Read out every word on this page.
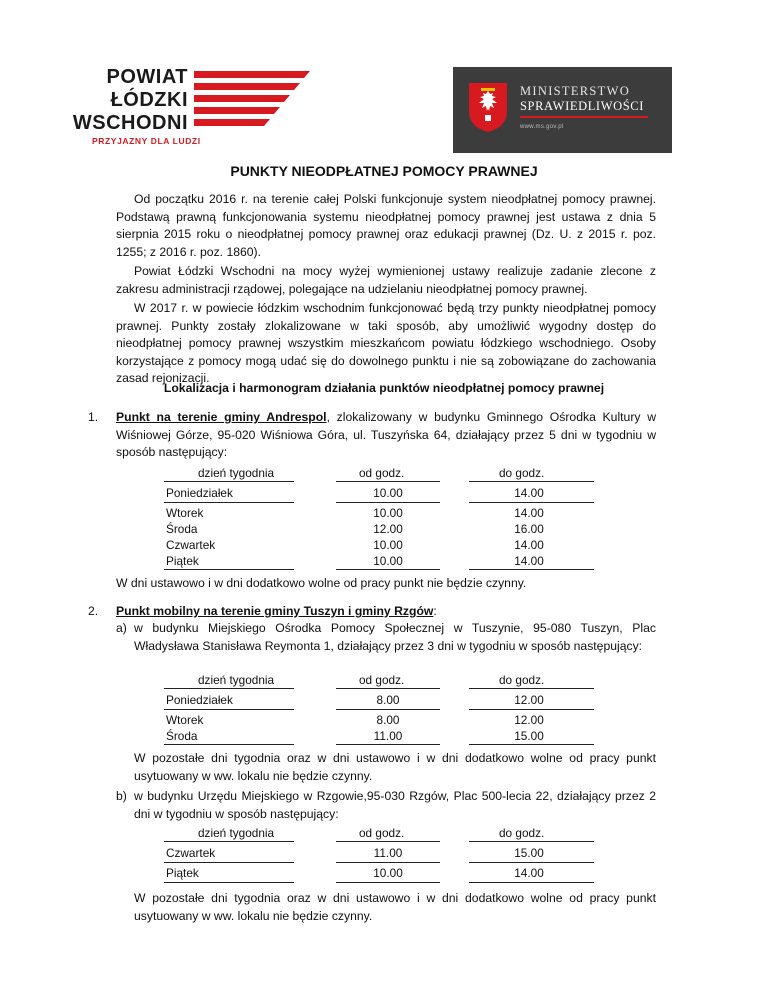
POWIAT
ŁÓDZKI
WSCHODNI
PRZYJAZNY DLA LUDZI
MINISTERSTWO
SPRAWIEDLIWOŚCI
www.ms.gov.pl
PUNKTY NIEODPŁATNEJ POMOCY PRAWNEJ
Od początku 2016 r. na terenie całej Polski funkcjonuje system nieodpłatnej pomocy prawnej. Podstawą prawną funkcjonowania systemu nieodpłatnej pomocy prawnej jest ustawa z dnia 5 sierpnia 2015 roku o nieodpłatnej pomocy prawnej oraz edukacji prawnej (Dz. U. z 2015 r. poz. 1255; z 2016 r. poz. 1860).
Powiat Łódzki Wschodni na mocy wyżej wymienionej ustawy realizuje zadanie zlecone z zakresu administracji rządowej, polegające na udzielaniu nieodpłatnej pomocy prawnej.
W 2017 r. w powiecie łódzkim wschodnim funkcjonować będą trzy punkty nieodpłatnej pomocy prawnej. Punkty zostały zlokalizowane w taki sposób, aby umożliwić wygodny dostęp do nieodpłatnej pomocy prawnej wszystkim mieszkańcom powiatu łódzkiego wschodniego. Osoby korzystające z pomocy mogą udać się do dowolnego punktu i nie są zobowiązane do zachowania zasad rejonizacji.
Lokalizacja i harmonogram działania punktów nieodpłatnej pomocy prawnej
1. Punkt na terenie gminy Andrespol, zlokalizowany w budynku Gminnego Ośrodka Kultury w Wiśniowej Górze, 95-020 Wiśniowa Góra, ul. Tuszyńska 64, działający przez 5 dni w tygodniu w sposób następujący:
dzień tygodnia	od godz.	do godz.
Poniedziałek	10.00	14.00
Wtorek	10.00	14.00
Środa	12.00	16.00
Czwartek	10.00	14.00
Piątek	10.00	14.00
W dni ustawowo i w dni dodatkowo wolne od pracy punkt nie będzie czynny.
2. Punkt mobilny na terenie gminy Tuszyn i gminy Rzgów:
a) w budynku Miejskiego Ośrodka Pomocy Społecznej w Tuszynie, 95-080 Tuszyn, Plac Władysława Stanisława Reymonta 1, działający przez 3 dni w tygodniu w sposób następujący:
dzień tygodnia	od godz.	do godz.
Poniedziałek	8.00	12.00
Wtorek	8.00	12.00
Środa	11.00	15.00
W pozostałe dni tygodnia oraz w dni ustawowo i w dni dodatkowo wolne od pracy punkt usytuowany w ww. lokalu nie będzie czynny.
b) w budynku Urzędu Miejskiego w Rzgowie,95-030 Rzgów, Plac 500-lecia 22, działający przez 2 dni w tygodniu w sposób następujący:
dzień tygodnia	od godz.	do godz.
Czwartek	11.00	15.00
Piątek	10.00	14.00
W pozostałe dni tygodnia oraz w dni ustawowo i w dni dodatkowo wolne od pracy punkt usytuowany w ww. lokalu nie będzie czynny.
